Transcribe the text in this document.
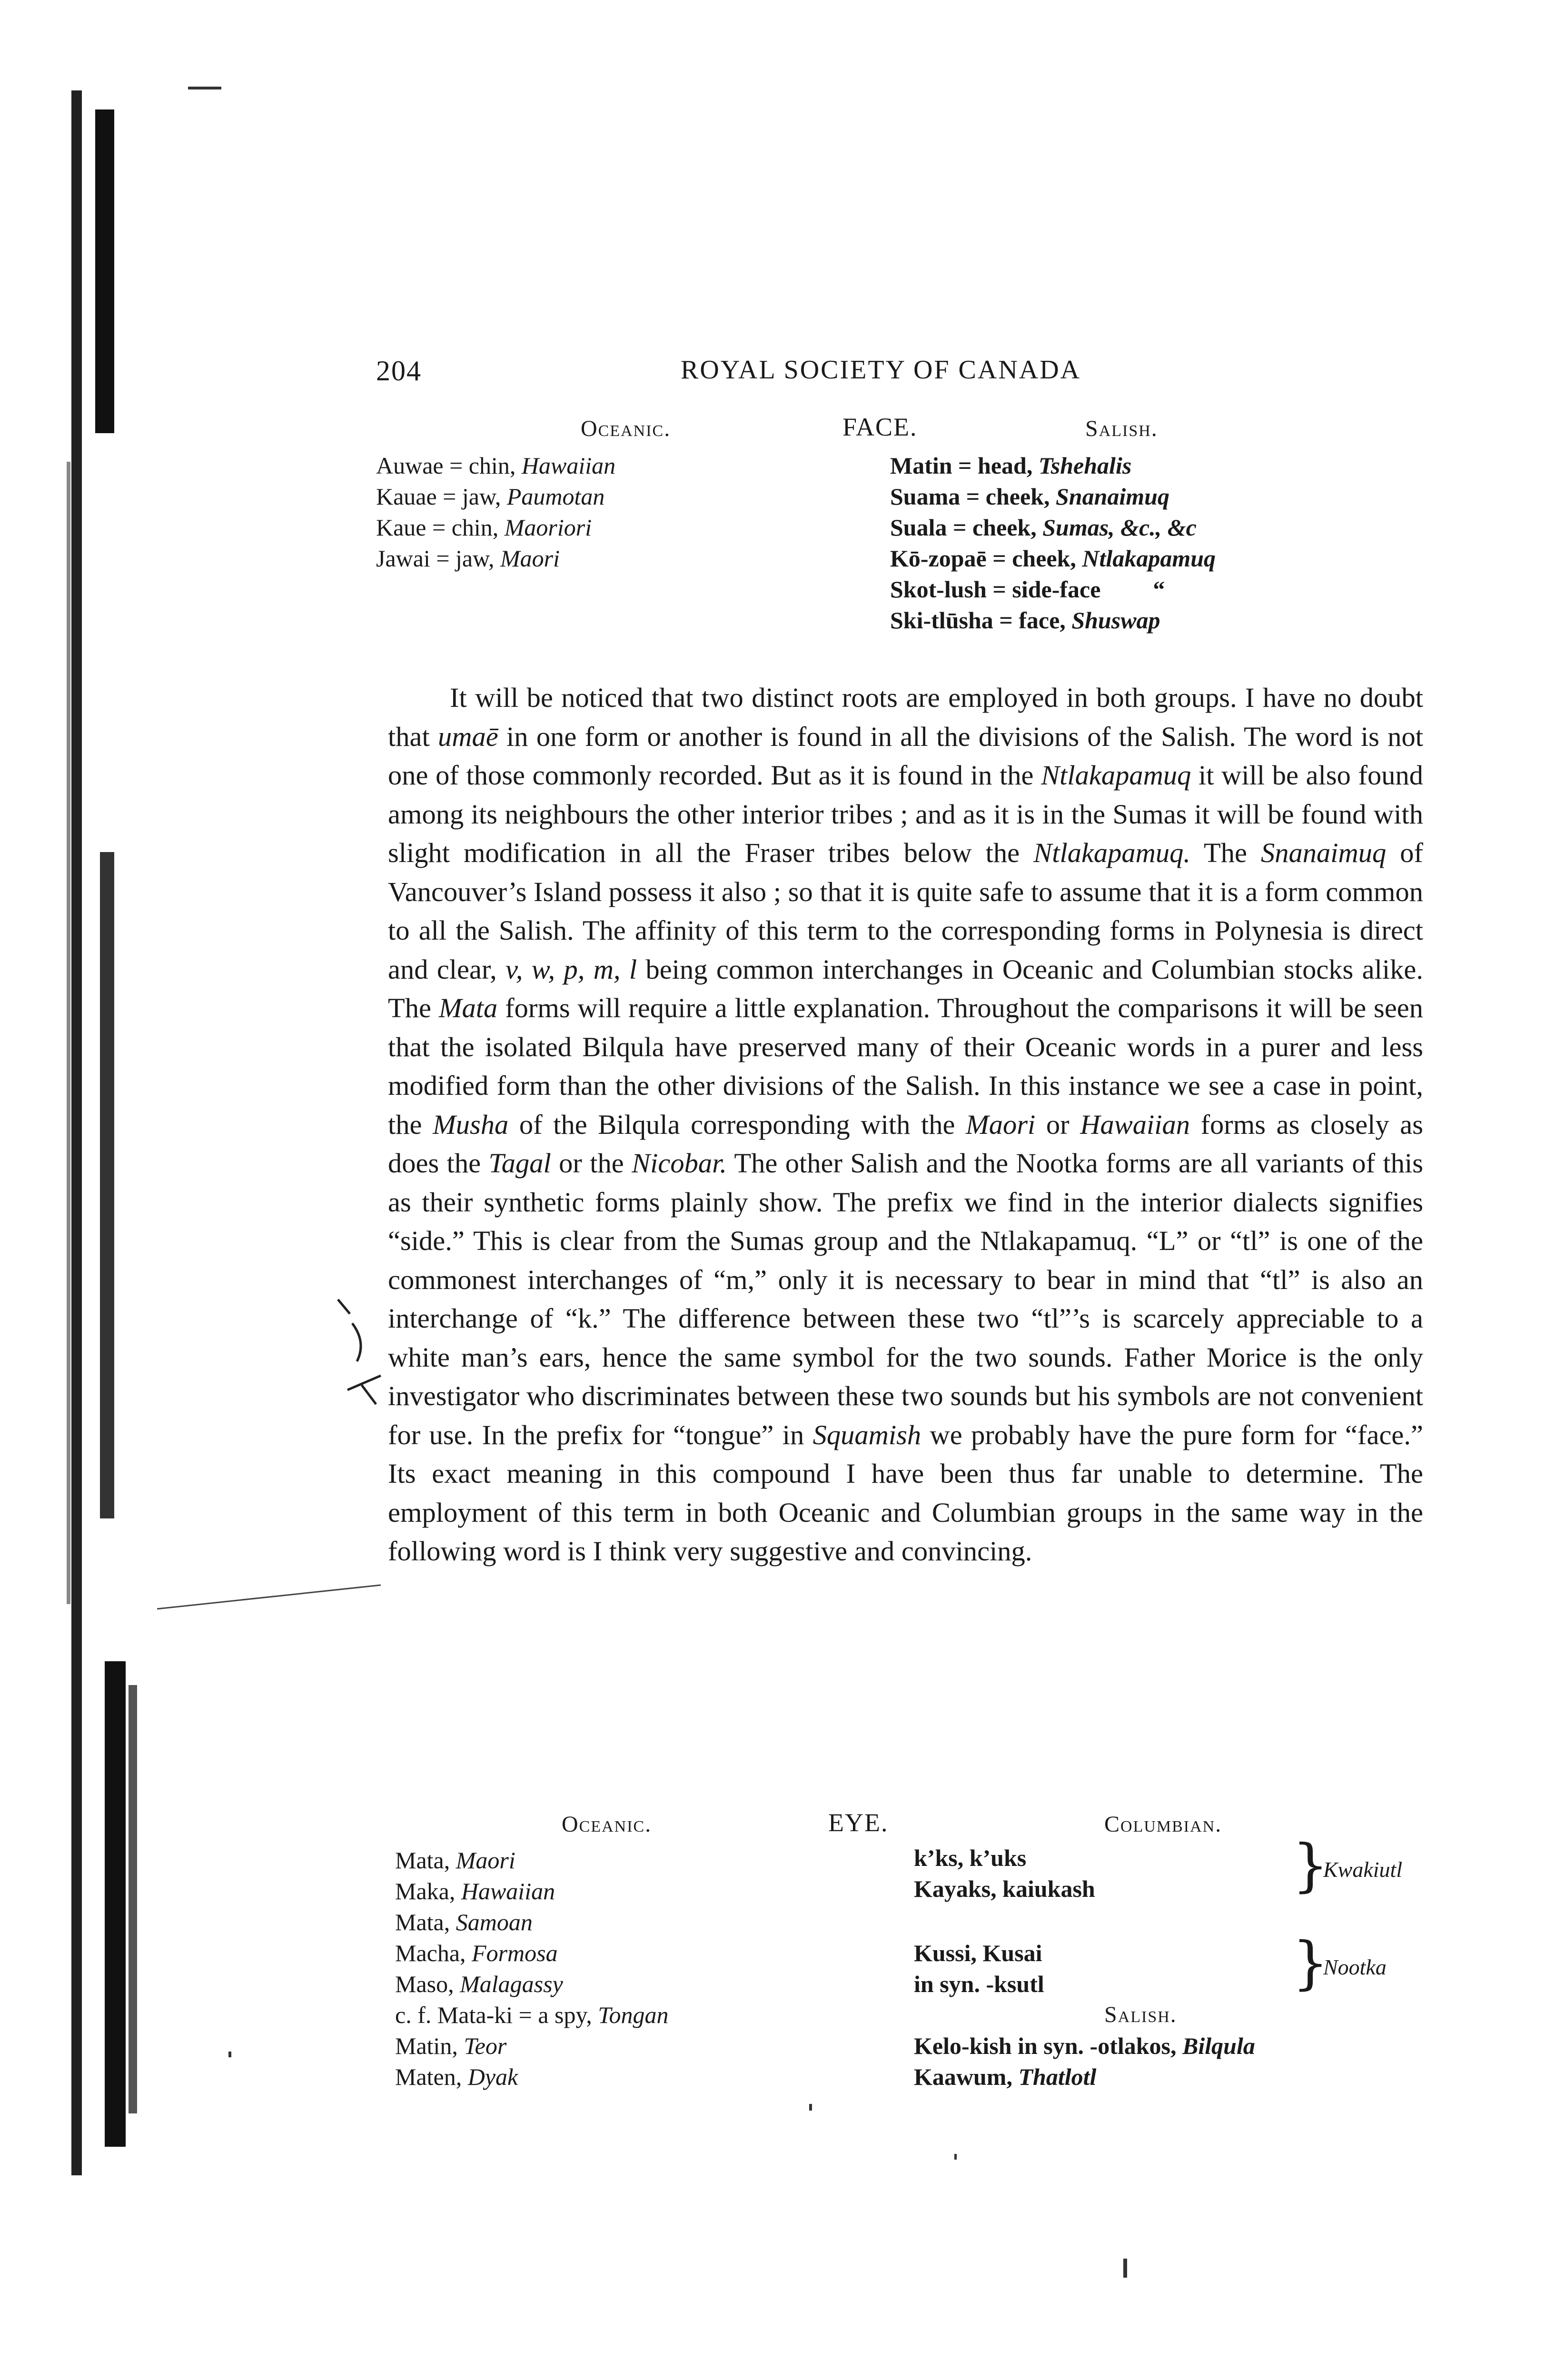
204	ROYAL SOCIETY OF CANADA
Oceanic.	FACE.	Salish.
Auwae = chin, Hawaiian
Kauae = jaw, Paumotan
Kaue = chin, Maoriori
Jawai = jaw, Maori
Matin = head, Tshehalis
Suama = cheek, Snanaimuq
Suala = cheek, Sumas, &c., &c
Kō-zopaē = cheek, Ntlakapamuq
Skot-lush = side-face “
Ski-tlūsha = face, Shuswap
It will be noticed that two distinct roots are employed in both groups. I have no doubt that umaē in one form or another is found in all the divisions of the Salish. The word is not one of those commonly recorded. But as it is found in the Ntlakapamuq it will be also found among its neighbours the other interior tribes ; and as it is in the Sumas it will be found with slight modification in all the Fraser tribes below the Ntlakapamuq. The Snanaimuq of Vancouver’s Island possess it also ; so that it is quite safe to assume that it is a form common to all the Salish. The affinity of this term to the corresponding forms in Polynesia is direct and clear, v, w, p, m, l being common interchanges in Oceanic and Columbian stocks alike. The Mata forms will require a little explanation. Throughout the comparisons it will be seen that the isolated Bilqula have preserved many of their Oceanic words in a purer and less modified form than the other divisions of the Salish. In this instance we see a case in point, the Musha of the Bilqula corresponding with the Maori or Hawaiian forms as closely as does the Tagal or the Nicobar. The other Salish and the Nootka forms are all variants of this as their synthetic forms plainly show. The prefix we find in the interior dialects signifies “side.” This is clear from the Sumas group and the Ntlakapamuq. “L” or “tl” is one of the commonest interchanges of “m,” only it is necessary to bear in mind that “tl” is also an interchange of “k.” The difference between these two “tl”’s is scarcely appreciable to a white man’s ears, hence the same symbol for the two sounds. Father Morice is the only investigator who discriminates between these two sounds but his symbols are not convenient for use. In the prefix for “tongue” in Squamish we probably have the pure form for “face.” Its exact meaning in this compound I have been thus far unable to determine. The employment of this term in both Oceanic and Columbian groups in the same way in the following word is I think very suggestive and convincing.
Oceanic.	EYE.	Columbian.
Mata, Maori
Maka, Hawaiian
Mata, Samoan
Macha, Formosa
Maso, Malagassy
c. f. Mata-ki = a spy, Tongan
Matin, Teor
Maten, Dyak
k’ks, k’uks
Kayaks, kaiukash	}
Kwakiutl
Kussi, Kusai
in syn. -ksutl	}
Nootka
Salish.
Kelo-kish in syn. -otlakos, Bilqula
Kaawum, Thatlotl
